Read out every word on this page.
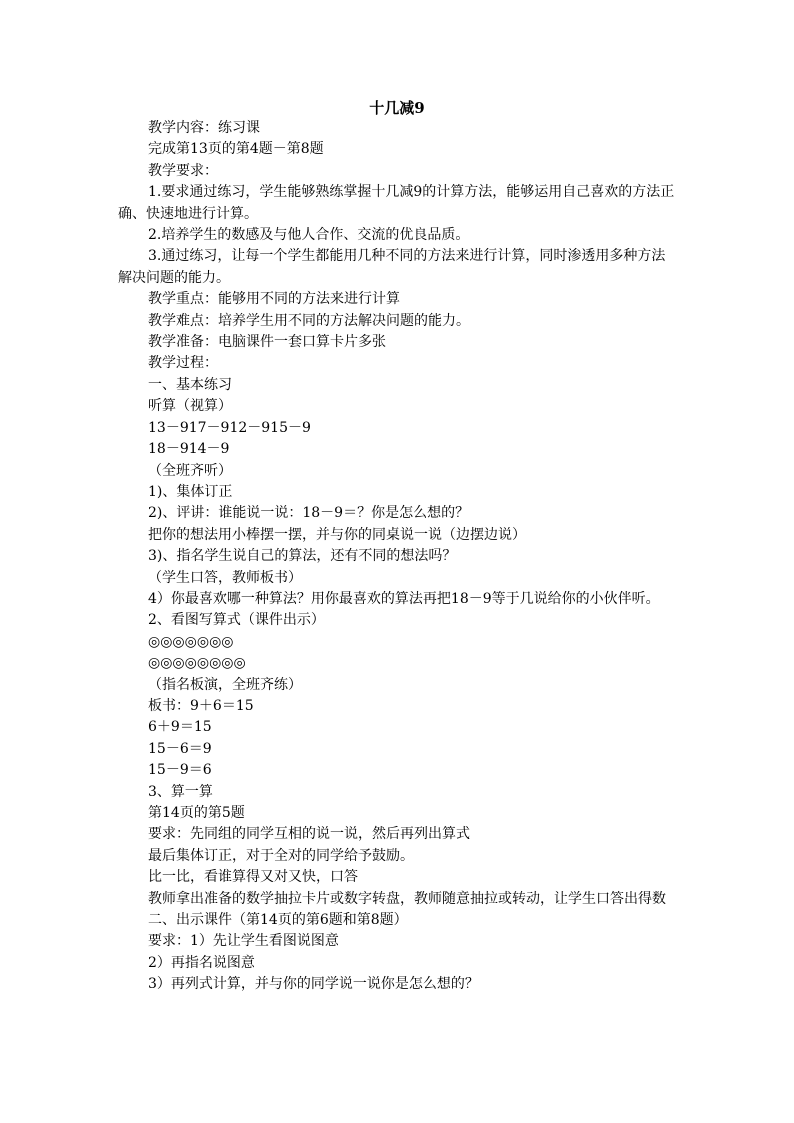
十几减9

教学内容：练习课

完成第13页的第4题－第8题

教学要求：

1.要求通过练习，学生能够熟练掌握十几减9的计算方法，能够运用自己喜欢的方法正确、快速地进行计算。

2.培养学生的数感及与他人合作、交流的优良品质。

3.通过练习，让每一个学生都能用几种不同的方法来进行计算，同时渗透用多种方法解决问题的能力。

教学重点：能够用不同的方法来进行计算

教学难点：培养学生用不同的方法解决问题的能力。

教学准备：电脑课件一套口算卡片多张

教学过程：

一、基本练习

听算（视算）

13－917－912－915－9

18－914－9

（全班齐听）

1)、集体订正

2)、评讲：谁能说一说：18－9＝？你是怎么想的？

把你的想法用小棒摆一摆，并与你的同桌说一说（边摆边说）

3)、指名学生说自己的算法，还有不同的想法吗？

（学生口答，教师板书）

4）你最喜欢哪一种算法？用你最喜欢的算法再把18－9等于几说给你的小伙伴听。

2、看图写算式（课件出示）

◎◎◎◎◎◎◎

◎◎◎◎◎◎◎◎

（指名板演，全班齐练）

板书：9＋6＝15

6＋9＝15

15－6＝9

15－9＝6

3、算一算

第14页的第5题

要求：先同组的同学互相的说一说，然后再列出算式

最后集体订正，对于全对的同学给予鼓励。

比一比，看谁算得又对又快，口答

教师拿出准备的数学抽拉卡片或数字转盘，教师随意抽拉或转动，让学生口答出得数

二、出示课件（第14页的第6题和第8题）

要求：1）先让学生看图说图意

2）再指名说图意

3）再列式计算，并与你的同学说一说你是怎么想的？
